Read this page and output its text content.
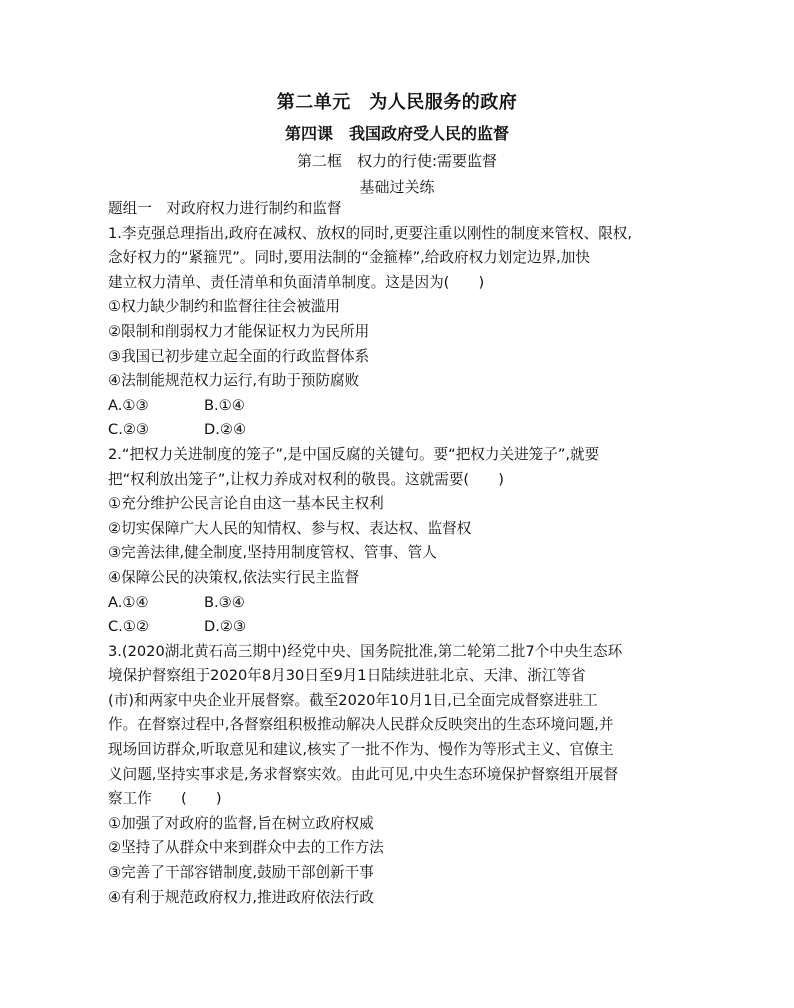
第二单元　为人民服务的政府
第四课　我国政府受人民的监督
第二框　权力的行使:需要监督
基础过关练
题组一　对政府权力进行制约和监督
1.李克强总理指出,政府在减权、放权的同时,更要注重以刚性的制度来管权、限权,
念好权力的“紧箍咒”。同时,要用法制的“金箍棒”,给政府权力划定边界,加快
建立权力清单、责任清单和负面清单制度。这是因为(　　)
①权力缺少制约和监督往往会被滥用
②限制和削弱权力才能保证权力为民所用
③我国已初步建立起全面的行政监督体系
④法制能规范权力运行,有助于预防腐败
A.①③	B.①④
C.②③	D.②④
2.“把权力关进制度的笼子”,是中国反腐的关键句。要“把权力关进笼子”,就要
把“权利放出笼子”,让权力养成对权利的敬畏。这就需要(　　)
①充分维护公民言论自由这一基本民主权利
②切实保障广大人民的知情权、参与权、表达权、监督权
③完善法律,健全制度,坚持用制度管权、管事、管人
④保障公民的决策权,依法实行民主监督
A.①④	B.③④
C.①②	D.②③
3.(2020湖北黄石高三期中)经党中央、国务院批准,第二轮第二批7个中央生态环
境保护督察组于2020年8月30日至9月1日陆续进驻北京、天津、浙江等省
(市)和两家中央企业开展督察。截至2020年10月1日,已全面完成督察进驻工
作。在督察过程中,各督察组积极推动解决人民群众反映突出的生态环境问题,并
现场回访群众,听取意见和建议,核实了一批不作为、慢作为等形式主义、官僚主
义问题,坚持实事求是,务求督察实效。由此可见,中央生态环境保护督察组开展督
察工作　　(　　)
①加强了对政府的监督,旨在树立政府权威
②坚持了从群众中来到群众中去的工作方法
③完善了干部容错制度,鼓励干部创新干事
④有利于规范政府权力,推进政府依法行政
